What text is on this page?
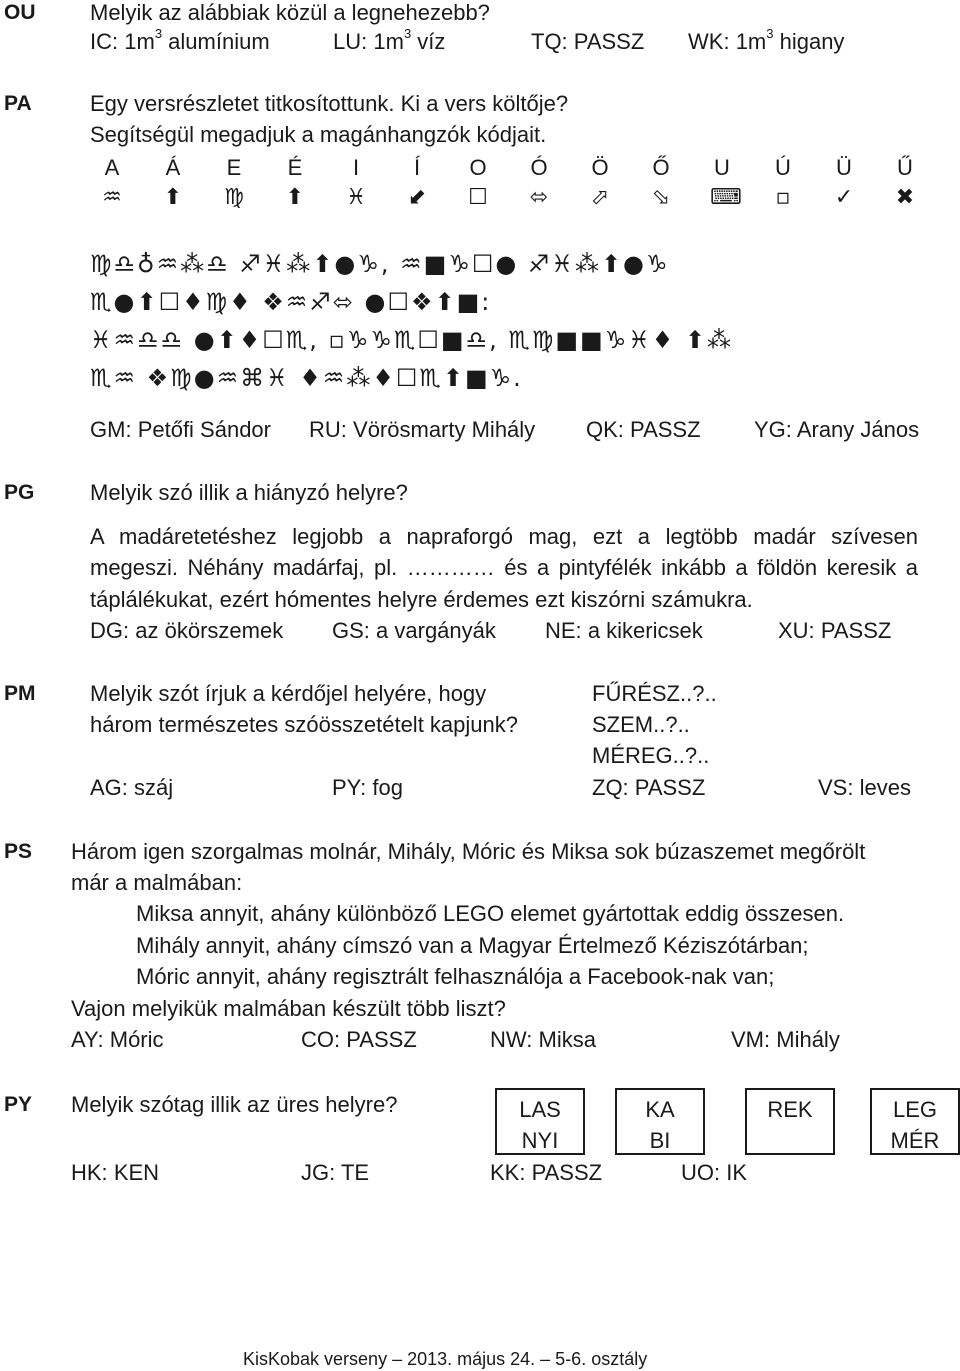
OU Melyik az alábbiak közül a legnehezebb?
IC: $1m^3$ alumínium	LU: $1m^3$ víz	TQ: PASSZ WK: $1m^3$ higany
PA	Egy versrészletet titkosítottunk. Ki a vers költője?
Segítségül megadjuk a magánhangzók kódjait.
A Á E É	I	Í	O Ó Ö Ő U Ú Ü Ű
♒ ⬆ ♍ ⬆ ♓ ⬋ ☐ ⬄ ⬀ ⬂ ⌨ ▫ ✓ ✖
♍♎♁♒⁂♎ ♐♓⁂⬆●♑, ♒■♑☐● ♐♓⁂⬆●♑
♏●⬆☐♦♍♦ ❖♒♐⬄ ●☐❖⬆■:
♓♒♎♎ ●⬆♦☐♏, ▫♑♑♏☐■♎, ♏♍■■♑♓♦ ⬆⁂
♏♒ ❖♍●♒⌘♓ ♦♒⁂♦☐♏⬆■♑.
GM: Petőfi Sándor RU: Vörösmarty Mihály QK: PASSZ YG: Arany János
PG	Melyik szó illik a hiányzó helyre?
A madáretetéshez legjobb a napraforgó mag, ezt a legtöbb madár szívesen
megeszi. Néhány madárfaj, pl. ………… és a pintyfélék inkább a földön keresik a
táplálékukat, ezért hómentes helyre érdemes ezt kiszórni számukra.
DG: az ökörszemek GS: a vargányák NE: a kikericsek	XU: PASSZ
PM Melyik szót írjuk a kérdőjel helyére, hogy
három természetes szóösszetételt kapjunk?
FŰRÉSZ..?..
SZEM..?..
MÉREG..?..
AG: száj	PY: fog	ZQ: PASSZ	VS: leves
PS Három igen szorgalmas molnár, Mihály, Móric és Miksa sok búzaszemet megőrölt
már a malmában:
Miksa annyit, ahány különböző LEGO elemet gyártottak eddig összesen.
Mihály annyit, ahány címszó van a Magyar Értelmező Kéziszótárban;
Móric annyit, ahány regisztrált felhasználója a Facebook-nak van;
Vajon melyikük malmában készült több liszt?
AY: Móric	CO: PASSZ	NW: Miksa	VM: Mihály
PY Melyik szótag illik az üres helyre?	LAS
NYI
KA
BI
REK	LEG
MÉR
HK: KEN	JG: TE	KK: PASSZ	UO: IK
KisKobak verseny – 2013. május 24. – 5-6. osztály
